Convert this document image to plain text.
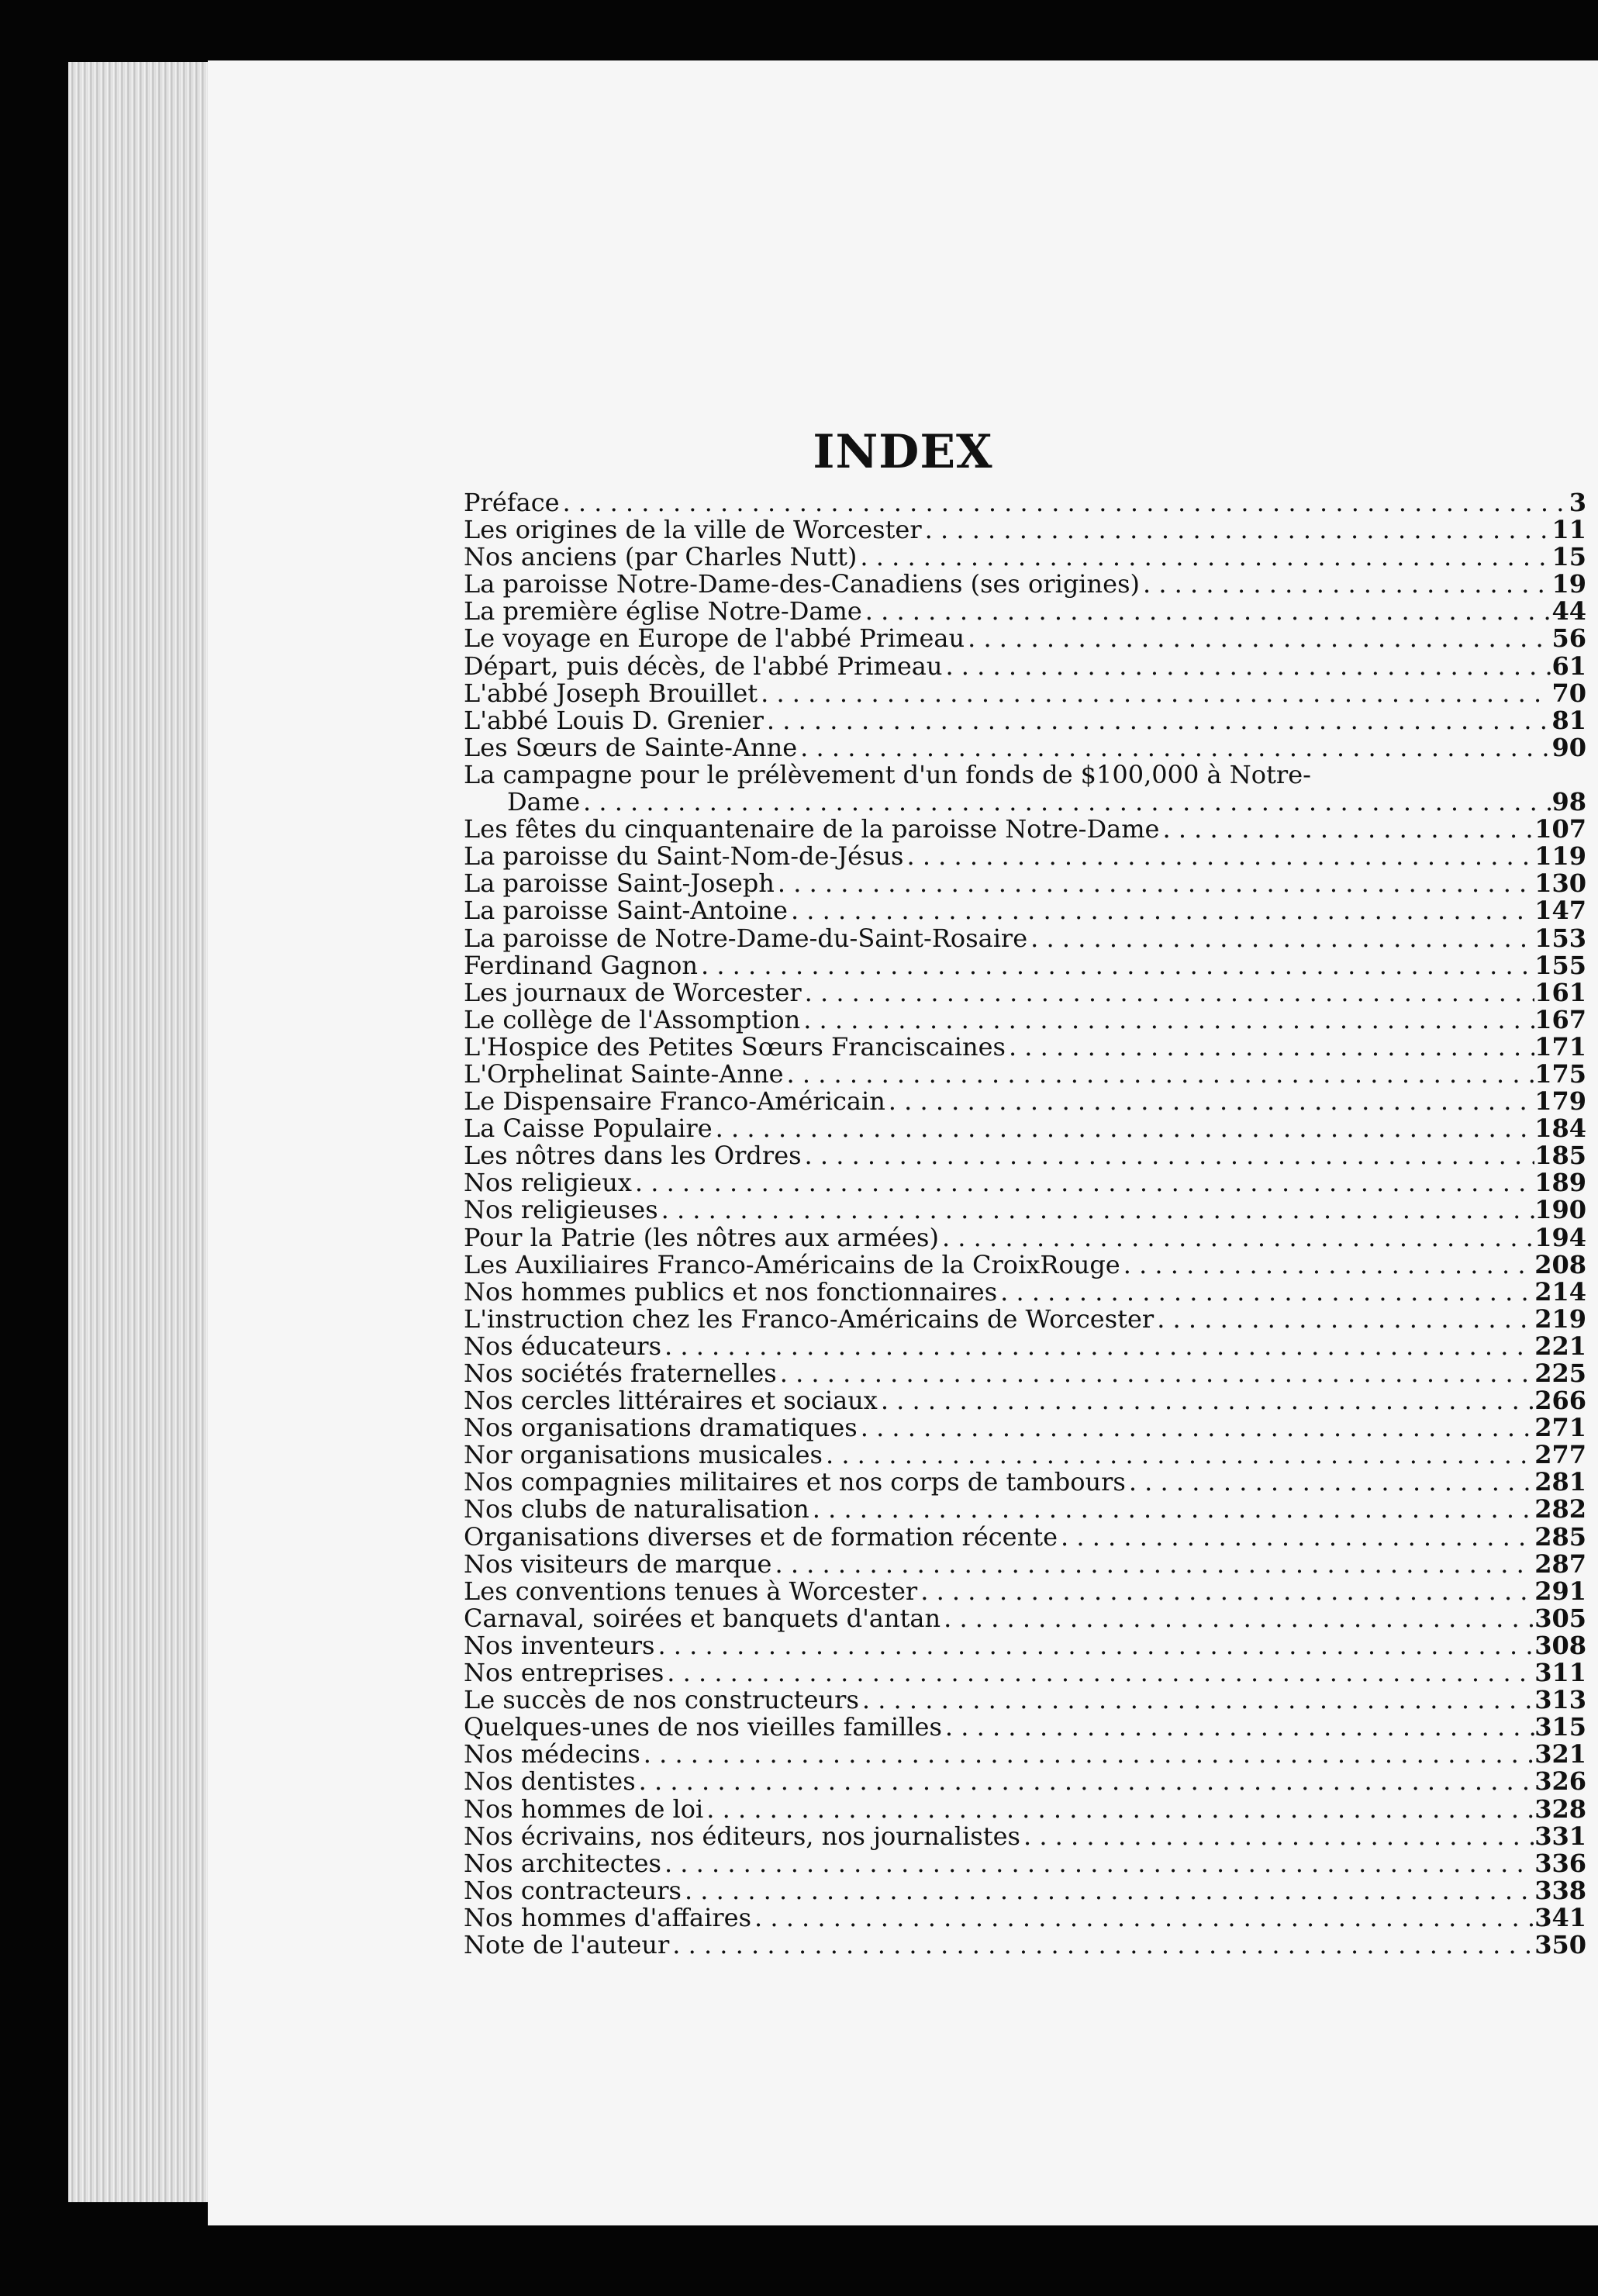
INDEX
Préface . . .	3
Les origines de la ville de Worcester . . .	11
Nos anciens (par Charles Nutt) . . .	15
La paroisse Notre-Dame-des-Canadiens (ses origines) . . .	19
La première église Notre-Dame . . .	44
Le voyage en Europe de l'abbé Primeau . . .	56
Départ, puis décès, de l'abbé Primeau . . .	61
L'abbé Joseph Brouillet . . .	70
L'abbé Louis D. Grenier . . .	81
Les Sœurs de Sainte-Anne . . .	90
La campagne pour le prélèvement d'un fonds de $100,000 à Notre-
Dame . . .	98
Les fêtes du cinquantenaire de la paroisse Notre-Dame . . .	107
La paroisse du Saint-Nom-de-Jésus . . .	119
La paroisse Saint-Joseph . . .	130
La paroisse Saint-Antoine . . .	147
La paroisse de Notre-Dame-du-Saint-Rosaire . . .	153
Ferdinand Gagnon . . .	155
Les journaux de Worcester . . .	161
Le collège de l'Assomption . . .	167
L'Hospice des Petites Sœurs Franciscaines . . .	171
L'Orphelinat Sainte-Anne . . .	175
Le Dispensaire Franco-Américain . . .	179
La Caisse Populaire . . .	184
Les nôtres dans les Ordres . . .	185
Nos religieux . . .	189
Nos religieuses . . .	190
Pour la Patrie (les nôtres aux armées) . . .	194
Les Auxiliaires Franco-Américains de la CroixRouge . . .	208
Nos hommes publics et nos fonctionnaires . . .	214
L'instruction chez les Franco-Américains de Worcester . . .	219
Nos éducateurs . . .	221
Nos sociétés fraternelles . . .	225
Nos cercles littéraires et sociaux . . .	266
Nos organisations dramatiques . . .	271
Nor organisations musicales . . .	277
Nos compagnies militaires et nos corps de tambours . . .	281
Nos clubs de naturalisation . . .	282
Organisations diverses et de formation récente . . .	285
Nos visiteurs de marque . . .	287
Les conventions tenues à Worcester . . .	291
Carnaval, soirées et banquets d'antan . . .	305
Nos inventeurs . . .	308
Nos entreprises . . .	311
Le succès de nos constructeurs . . .	313
Quelques-unes de nos vieilles familles . . .	315
Nos médecins . . .	321
Nos dentistes . . .	326
Nos hommes de loi . . .	328
Nos écrivains, nos éditeurs, nos journalistes . . .	331
Nos architectes . . .	336
Nos contracteurs . . .	338
Nos hommes d'affaires . . .	341
Note de l'auteur . . .	350
